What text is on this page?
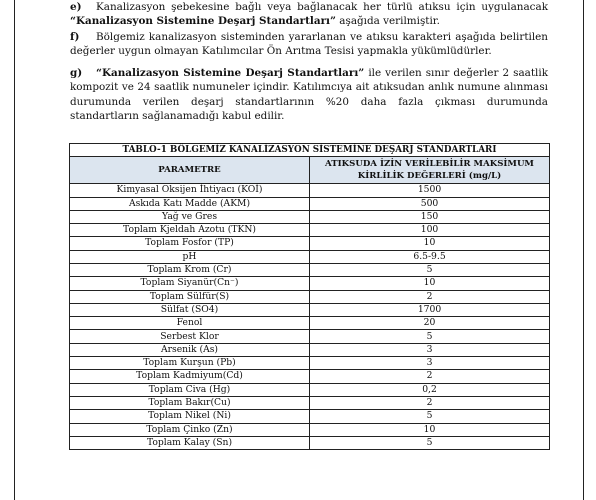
e) Kanalizasyon şebekesine bağlı veya bağlanacak her türlü atıksu için uygulanacak “Kanalizasyon Sistemine Deşarj Standartları” aşağıda verilmiştir.
f) Bölgemiz kanalizasyon sisteminden yararlanan ve atıksu karakteri aşağıda belirtilen değerler uygun olmayan Katılımcılar Ön Arıtma Tesisi yapmakla yükümlüdürler.
g) “Kanalizasyon Sistemine Deşarj Standartları” ile verilen sınır değerler 2 saatlik kompozit ve 24 saatlik numuneler içindir. Katılımcıya ait atıksudan anlık numune alınması durumunda verilen deşarj standartlarının %20 daha fazla çıkması durumunda standartların sağlanamadığı kabul edilir.
TABLO-1 BÖLGEMİZ KANALİZASYON SİSTEMİNE DEŞARJ STANDARTLARI	
PARAMETRE	ATIKSUDA İZİN VERİLEBİLİR MAKSİMUM KİRLİLİK DEĞERLERİ (mg/L)
Kimyasal Oksijen İhtiyacı (KOİ)	1500
Askıda Katı Madde (AKM)	500
Yağ ve Gres	150
Toplam Kjeldah Azotu (TKN)	100
Toplam Fosfor (TP)	10
pH	6.5-9.5
Toplam Krom (Cr)	5
Toplam Siyanür(Cn⁻)	10
Toplam Sülfür(S)	2
Sülfat (SO4)	1700
Fenol	20
Serbest Klor	5
Arsenik (As)	3
Toplam Kurşun (Pb)	3
Toplam Kadmiyum(Cd)	2
Toplam Civa (Hg)	0,2
Toplam Bakır(Cu)	2
Toplam Nikel (Ni)	5
Toplam Çinko (Zn)	10
Toplam Kalay (Sn)	5
